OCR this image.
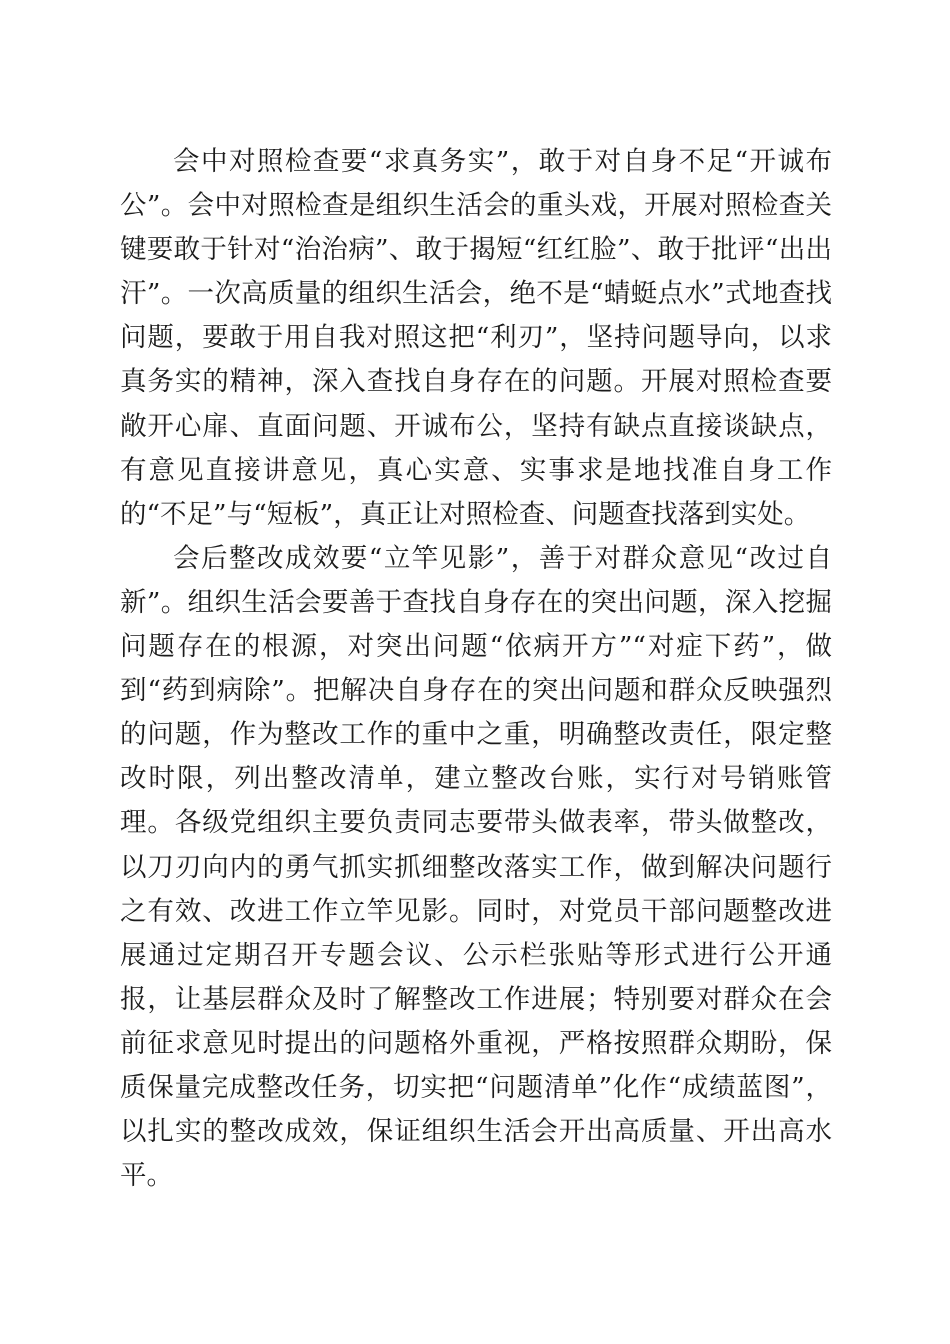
会中对照检查要“求真务实”，敢于对自身不足“开诚布公”。会中对照检查是组织生活会的重头戏，开展对照检查关键要敢于针对“治治病”、敢于揭短“红红脸”、敢于批评“出出汗”。一次高质量的组织生活会，绝不是“蜻蜓点水”式地查找问题，要敢于用自我对照这把“利刃”，坚持问题导向，以求真务实的精神，深入查找自身存在的问题。开展对照检查要敞开心扉、直面问题、开诚布公，坚持有缺点直接谈缺点，有意见直接讲意见，真心实意、实事求是地找准自身工作的“不足”与“短板”，真正让对照检查、问题查找落到实处。

会后整改成效要“立竿见影”，善于对群众意见“改过自新”。组织生活会要善于查找自身存在的突出问题，深入挖掘问题存在的根源，对突出问题“依病开方”“对症下药”，做到“药到病除”。把解决自身存在的突出问题和群众反映强烈的问题，作为整改工作的重中之重，明确整改责任，限定整改时限，列出整改清单，建立整改台账，实行对号销账管理。各级党组织主要负责同志要带头做表率，带头做整改，以刀刃向内的勇气抓实抓细整改落实工作，做到解决问题行之有效、改进工作立竿见影。同时，对党员干部问题整改进展通过定期召开专题会议、公示栏张贴等形式进行公开通报，让基层群众及时了解整改工作进展；特别要对群众在会前征求意见时提出的问题格外重视，严格按照群众期盼，保质保量完成整改任务，切实把“问题清单”化作“成绩蓝图”，以扎实的整改成效，保证组织生活会开出高质量、开出高水平。
